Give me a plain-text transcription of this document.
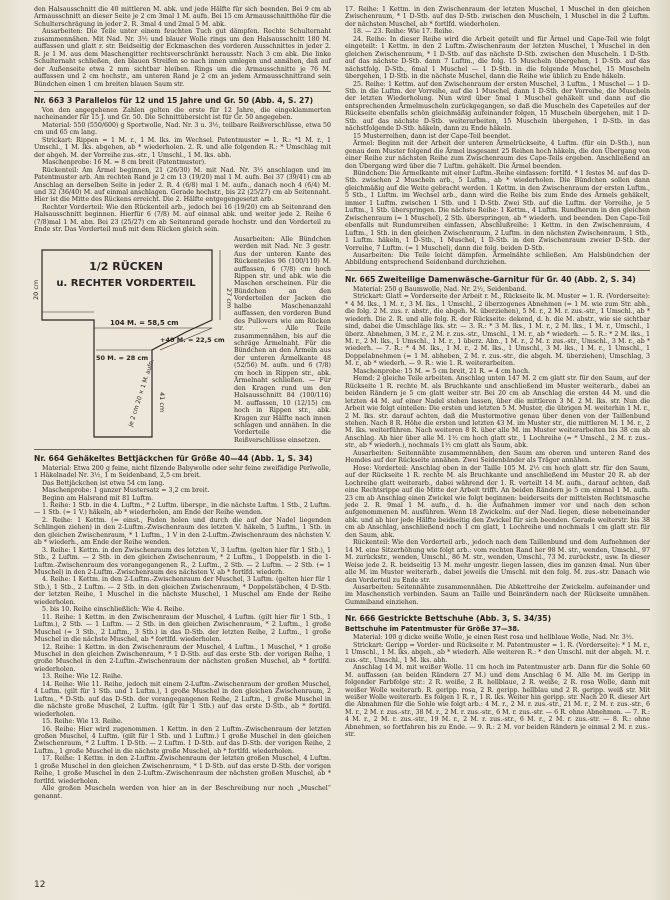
den Halsausschnitt die 40 mittleren M. abk. und jede Hälfte für sich beenden. Bei 9 cm ab Armausschnitt an dieser Seite je 2 cm 3mal 1 M. aufn. Bei 15 cm Armausschnitthöhe für die Schulterschrägung in jeder 2. R. 3mal 4 und 2mal 5 M. abk.

Ausarbeiten: Die Teile unter einem feuchten Tuch gut dämpfen. Rechte Schulternaht zusammennähen. Mit Nad. Nr. 3½ und blauer Wolle rings um den Halsausschnitt 180 M. auffassen und glatt r. str. Beidseitig der Eckmaschen des vorderen Ausschnittes in jeder 2. R. je 1 M. aus dem Maschengitter rechtsverschränkt herausstr. Nach 3 cm abk. Die linke Schulternaht schließen, den blauen Streifen so nach innen umlegen und annähen, daß auf der Außenseite etwa 2 mm sichtbar bleiben. Rings um die Armausschnitte je 76 M. auffassen und 2 cm hochstr., am unteren Rand je 2 cm an jedem Armausschnittrand sein Bündchen einen 1 cm breiten blauen Saum str.

Nr. 663 3 Parallelos für 12 und 15 Jahre und Gr. 50 (Abb. 4, S. 27)

Von den angegebenen Zahlen gelten die erste für 12 Jahre, die eingeklammerten nacheinander für 15 J. und Gr. 50. Die Schnittübersicht ist für Gr. 50 angegeben.

Material: 550 (550/600) g Sportwolle, Nad. Nr. 3 u. 3½, teilbare Reißverschlüsse, etwa 50 cm und 65 cm lang.

Strickart: Rippen = 1 M. r., 1 M. lks. im Wechsel. Patentmuster = 1. R.: *1 M. r., 1 Umschl., 1 M. lks. abgehen, ab * wiederholen. 2. R. und alle folgenden R.: * Umschlag mit der abgeh. M. der Vorreihe zus.-str., 1 Umschl., 1 M. lks. abh.

Maschenprobe: 16 M. = 8 cm breit (Patentmuster).

Rückenteil: Am Ärmel beginnen, 21 (26/30) M. mit Nad. Nr. 3½ anschlagen und im Patentmuster arb. Am rechten Rand je 2 cm 13 (19/20) mal 1 M. aufn. Bei 37 (39/41) cm ab Anschlag an derselben Seite in jeder 2. R. 4 (6/8) mal 1 M. aufn., danach noch 4 (6/4) M. und 32 (36/40) M. auf einmal anschlagen. Gerade hochstr., bis 22 (25/27) cm ab Seitennaht. Hier ist die Mitte des Rückens erreicht. Die 2. Hälfte entgegengesetzt arb.

Rechter Vorderteil: Wie den Rückenteil arb., jedoch bei 16 (19/20) cm ab Seitenrand den Halsausschnitt beginnen. Hierfür 6 (7/8) M. auf einmal abk. und weiter jede 2. Reihe 6 (7/8)mal 1 M. abn. Bei 23 (25/27) cm ab Seitenrand gerade hochstr. und den Vorderteil zu Ende str. Das Vorderteil muß mit dem Rücken gleich sein.

1/2 RÜCKEN
u. RECHTER VORDERTEIL
27 cm
20 cm
104 M. = 58,5 cm
50 M. = 28 cm
+40 M. = 22,5 cm
41 cm
je 2 cm 20 × 1 M. aufn.
Ausarbeiten: Alle Bündchen werden mit Nad. Nr. 3 gestr. Aus der unteren Kante des Rückenteiles 96 (100/110) M. auffassen, 6 (7/8) cm hoch Rippen str. und abk. wie die Maschen erscheinen. Für die Bündchen an den Vorderteilen der Jacken die halbe Maschenanzahl auffassen, den vorderen Bund des Pullovers wie am Rücken str. — Alle Teile zusammennähen, bis auf die schräge Ärmelnaht. Für die Bündchen an den Ärmeln aus der unteren Ärmelkante 48 (52/56) M. aufn. und 6 (7/8) cm hoch in Rippen str., abk. Ärmelnaht schließen. — Für den Kragen rund um den Halsausschnitt 84 (100/116) M. auffassen, 10 (12/15) cm hoch in Rippen str., abk. Kragen zur Hälfte nach innen schlagen und annähen. In die Vorderteile die Reißverschlüsse einsetzen.
Nr. 664 Gehäkeltes Bettjäckchen für Größe 40—44 (Abb. 1, S. 34)

Material: Etwa 200 g feine, nicht filzende Babywolle oder sehr feine zweifädige Perlwolle, 1 Häkelnadel Nr. 3½, 1 m Seidenband, 2,5 cm breit.

Das Bettjäckchen ist etwa 54 cm lang.

Maschenprobe: 1 ganzer Mustersatz = 3,2 cm breit.

Beginn am Halsrand mit 81 Luftm.

1. Reihe: 1 Stb. in die 4. Luftm., * 2 Luftm. überspr., in die nächste Luftm. 1 Stb., 2 Luftm. — 1 Stb. (= 1 V.) häkeln, ab * wiederholen, am Ende der Reihe wenden.

2. Reihe: 1 Kettm. (= einst., Faden holen und durch die auf der Nadel liegenden Schlingen ziehen) in den 2-Luftm.-Zwischenraum des letzten V. häkeln, 5 Luftm., 1 Stb. in den gleichen Zwischenraum, * 1 Luftm., 1 V in den 2-Luftm.-Zwischenraum des nächsten V. ab * wiederh., am Ende der Reihe wenden.

3. Reihe: 1 Kettm. in den Zwischenraum des letzten V., 3 Luftm. (gelten hier für 1 Stb.), 1 Stb., 2 Luftm. — 2 Stb. in den gleichen Zwischenraum, * 2 Luftm., 1 Doppelstb. in die 1-Luftm.-Zwischenraum des vorangegangenen R., 2 Luftm., 2 Stb. — 2 Luftm. — 2 Stb. (= 1 Muschel) in den 2-Luftm.-Zwischenraum des nächsten V. ab * fortlfd. wiederh.

4. Reihe: 1 Kettm. in den 2-Luftm.-Zwischenraum der Muschel, 3 Luftm. (gelten hier für 1 Stb.), 1 Stb., 2 Luftm. — 2 Stb. in den gleichen Zwischenraum, * Doppelstäbchen, 4 D-Stb. der letzten Reihe, 1 Muschel in die nächste Muschel, 1 Muschel am Ende der Reihe wiederholen.

5. bis 10. Reihe einschließlich: Wie 4. Reihe.

11. Reihe: 1 Kettm. in den Zwischenraum der Muschel, 4 Luftm. (gilt hier für 1 Stb., 1 Luftm.), 2 Stb. — 1 Luftm. — 2 Stb. in den gleichen Zwischenraum, * 2 Luftm., 1 große Muschel (= 3 Stb., 2 Luftm., 3 Stb.) in das D-Stb. der letzten Reihe, 2 Luftm., 1 große Muschel in die nächste Muschel, ab * fortlfd. wiederholen.

12. Reihe: 1 Kettm. in den Zwischenraum der Muschel, 4 Luftm., 1 Muschel, * 1 große Muschel in den gleichen Zwischenraum, * 1 D-Stb. auf das erste Stb. der vorigen Reihe, 1 große Muschel in den 2-Luftm.-Zwischenraum der nächsten großen Muschel, ab * fortlfd. wiederholen.

13. Reihe: Wie 12. Reihe.

14. Reihe: Wie 11. Reihe, jedoch mit einem 2-Luftm.-Zwischenraum der großen Muschel, 4 Luftm. (gilt für 1 Stb. und 1 Luftm.), 1 große Muschel in den gleichen Zwischenraum, 2 Luftm., * D-Stb. auf das D-Stb. der vorangegangenen Reihe, 2 Luftm., 1 große Muschel in die nächste große Muschel, 2 Luftm. (gilt für 1 Stb.) auf das erste D-Stb., ab * fortlfd. wiederholen.

15. Reihe: Wie 13. Reihe.

16. Reihe: Hier wird zugenommen. 1 Kettm. in den 2 Luftm.-Zwischenraum der letzten großen Muschel, 4 Luftm. (gilt für 1 Stb. und 1 Luftm.) 1 große Muschel in den gleichen Zwischenraum, * 2 Luftm. 1 D-Stb. — 2 Luftm. 1 D-Stb. auf das D-Stb. der vorigen Reihe, 2 Luftm., 1 große Muschel in die nächste große Muschel, ab * fortlfd. wiederholen.

17. Reihe: 1 Kettm. in den 2-Luftm.-Zwischenraum der letzten großen Muschel, 4 Luftm. 1 große Muschel in den gleichen Zwischenraum, * 1 D-Stb. auf das erste D-Stb. der vorigen Reihe, 1 große Muschel in den 2-Luftm.-Zwischenraum der nächsten großen Muschel, ab * fortlfd. wiederholen.

Alle großen Muscheln werden von hier an in der Beschreibung nur noch „Muschel“ genannt.

17. Reihe: 1 Kettm. in den Zwischenraum der letzten Muschel, 1 Muschel in den gleichen Zwischenraum, * 1 D-Stb. auf das D-Stb. zwischen den Muscheln, 1 Muschel in die 2 Luftm. der nächsten Muschel, ab * fortlfd. wiederholen.

18. — 23. Reihe: Wie 17. Reihe.

24. Reihe: In dieser Reihe wird die Arbeit geteilt und für Ärmel und Cape-Teil wie folgt eingeteilt: 1 Kettm. in den 2 Luftm.-Zwischenraum der letzten Muschel, 1 Muschel in den gleichen Zwischenraum, * 1 D-Stb. auf das nächste D-Stb. zwischen den Muscheln. 1 D-Stb. auf das nächste D-Stb. dann 7 Luftm., die folg. 15 Muscheln übergehen, 1 D-Stb. auf das nächstfolg. D-Stb., 6mal 1 Muschel — 1 D-Stb. in die folgende Muschel, 15 Muscheln übergehen, 1 D-Stb. in die nächste Muschel, dann die Reihe wie üblich zu Ende häkeln.

25. Reihe: 1 Kettm. auf den Zwischenraum der ersten Muschel, 3 Luftm., 1 Muschel — 1 D-Stb. in die Luftm. der Vorreihe, auf die 1 Muschel, dann 1 D-Stb. der Vorreihe, die Muscheln der letzten Wiederholung. Nun wird über 5mal 1 Muschel gehäkelt und dann auf die entsprechenden Ärmelmuscheln zurückgegangen, so daß die Muscheln des Capeteiles auf der Rückseite ebenfalls schön gleichmäßig aufeinander folgen, 15 Muscheln übergehen, mit 1 D-Stb. auf das nächste D-Stb. weiterarbeiten, 15 Muscheln übergehen, 1 D-Stb. in das nächstfolgende D-Stb. häkeln, dann zu Ende häkeln.

15 Musterreihen, dann ist der Cape-Teil beendet.

Ärmel: Beginn mit der Arbeit der unteren Ärmelrückseite, 4 Luftm. (für ein D-Stb.), nun genau dem Muster folgend die Ärmel insgesamt 25 Reihen hoch häkeln, die den Übergang von einer Reihe zur nächsten Reihe zum Zwischenraum des Cape-Teils ergeben. Anschließend an den Übergang wird über die 7 Luftm. gehäkelt. Die Ärmel beenden.

Bündchen: Die Ärmelkante mit einer Luftm.-Reihe einfassen: fortlfd. * 1 festes M. auf das D-Stb. zwischen 2 Muscheln arb., 5 Luftm., ab * wiederholen. Die Bündchen sollen dann gleichmäßig auf die Weite gebracht werden. 1 Kettm. in den Zwischenraum der ersten Luftm., 5 Stb., 1 Luftm. im Wechsel arb., dann wird die Reihe bis zum Ende des Ärmels gehäkelt, immer 1 Luftm. zwischen 1 Stb. und 1 D-Stb. Zwei Stb. auf die Luftm. der Vorreihe, je 5 Luftm., 1 Stb. überspringen. Die nächste Reihe: 1 Kettm., 4 Luftm. Rundherum in den gleichen Zwischenraum (= 1 Muschel), 2 Stb. überspringen, ab * wiederh. und beenden. Den Cape-Teil ebenfalls mit Rundumreihen einfassen, Abschlußreihe: 1 Kettm. in den Zwischenraum, 4 Luftm., 1 Stb. in den gleichen Zwischenraum, 2 Luftm. in den nächsten Zwischenraum, 1 Stb., 1 Luftm. häkeln, 1 D-Stb., 1 Muschel, 1 D-Stb. in den Zwischenraum zweier D-Stb. der Vorreihe, 7 Luftm. (= 1 Muschel), dann die folg. beiden D-Stb.

Ausarbeiten: Die Teile leicht dämpfen. Ärmelnähte schließen. Am Halsbündchen der Abbildung entsprechend Seidenband durchziehen.

Nr. 665 Zweiteilige Damenwäsche-Garnitur für Gr. 40 (Abb. 2, S. 34)

Material: 250 g Baumwolle, Nad. Nr. 2½, Seidenband.

Strickart: Glatt = Vorderseite der Arbeit r. M., Rückseite lk. M. Muster = 1. R. (Vorderseite): * 4 M. lks., 1 M. r., 3 M. lks., 1 Umschl., 2 überzogenes Abnehmen (= 1 M. wie zum Str. abh., die folg. 2 M. zus. r. abstr., die abgeh. M. überziehen), 5 M. r., 2 M. r. zus.-str., 1 Umschl., ab * wiederh. Die 2. R. und alle folg. R. der Rückseite: dekend, d. h. die M. abstr., wie sie sichtbar sind, dabei die Umschläge lks. str. — 3. R.: * 3 M. lks., 1 M. r., 2 M. lks., 1 M. r., Umschl., 1 überz. Abnehmen, 3 M. r., 2 M. r. zus.-str., Umschl., 1 M. r., ab * wiederh. — 5. R.: * 2 M. lks., 1 M. r., 2 M. lks., 1 Umschl., 1 M. r., 1 überz. Abn., 1 M. r., 2 M. r. zus.-str., Umschl., 3 M. r., ab * wiederh. — 7. R.: * 4 M. lks., 1 M. r., 2 M. lks., 1 Umschl., 3 M. lks., 1 M. r., 1 Umschl., 1 Doppelabnehmen (= 1 M. abheben, 2 M. r. zus.-str., die abgeh. M. überziehen), Umschlag, 3 M. r., ab * wiederh. — 9. R.: wie 1. R. weiterarbeiten.

Maschenprobe: 15 M. = 5 cm breit, 21 R. = 4 cm hoch.

Hemd: 2 gleiche Teile arbeiten. Anschlag unten 147 M. 2 cm glatt str. für den Saum, auf der Rückseite 1 R. rechte M. als Bruchkante und anschließend im Muster weiterarb., dabei an beiden Rändern je 5 cm glatt weiter str. Bei 20 cm ab Anschlag die ersten 44 M. und die letzten 44 M. auf einer Nadel stehen lassen, über die mittleren 3 M. 2 M. lks. str. Nun die Arbeit wie folgt einteilen: Die ersten und letzten 5 M. Muster, die übrigen M. weiterhin 1 M. r., 2 M. lks. str. darauf achten, daß die Mustermotive genau über denen von der Taillenbund stehen. Nach 8 R. Höhe die ersten und letzten 43 M. im Muster str., die mittleren M. 1 M. r., 2 M. lks. weiterführen. Nach weiteren 8 R. über alle M. im Muster weiterarbeiten bis 38 cm ab Anschlag. Ab hier über alle M. 1½ cm hoch glatt str., 1 Lochreihe (= * Umschl., 2 M. r. zus.-str., ab * wiederh.), nochmals 1½ cm glatt als Saum, abk.

Ausarbeiten: Seitennähte zusammennähen, den Saum am oberen und unteren Rand des Hemdes auf der Rückseite annähen. Zwei Seidenbänder als Träger annähen.

Hose: Vorderteil: Anschlag oben in der Taille 105 M. 2½ cm hoch glatt str. für den Saum, auf der Rückseite 1 R. rechte M. als Bruchkante und anschließend im Muster 20 R. ab der Lochreihe glatt weiterarb., dabei während der 1. R. verteilt 14 M. aufn., darauf achten, daß eine Rechtsrippe auf die Mitte der Arbeit trifft. An beiden Rändern je 5 cm einmal 1 M. aufn. 23 cm ab Anschlag einen Zwickel wie folgt beginnen: beiderseits der mittelsten Rechtsmasche jede 2. R. 9mal 1 M. aufn., d. h. die Aufnahmen immer vor und nach den schon aufgenommenen M. ausführen. Wenn 18 Zwickelm. auf der Nad. liegen, diese nebeneinander abk. und ab hier jede Hälfte beidseitig den Zwickel für sich beenden. Gerade weiterstr. bis 38 cm ab Anschlag, anschließend noch 1 cm glatt, 1 Lochreihe und nochmals 1 cm glatt str. für den Saum, abk.

Rückenteil: Wie den Vorderteil arb., jedoch nach dem Taillenbund und dem Aufnehmen der 14 M. eine Sitzerhöhung wie folgt arb.: vom rechten Rand her 98 M. str., wenden, Umschl., 97 M. zurückstr., wenden, Umschl., 86 M. str., wenden, Umschl., 73 M. zurückstr., usw. In dieser Weise jede 2. R. beidseitig 13 M. mehr ungestr. liegen lassen, dies im ganzen 4mal. Nun über alle M. im Muster weiterarb., dabei jeweils die Umschl. mit den folg. M. zus.-str. Danach wie den Vorderteil zu Ende str.

Ausarbeiten: Seitennähte zusammennähen. Die Abkettreihe der Zwickelm. aufeinander und im Maschenstich verbinden. Saum an Taille und Beinrändern nach der Rückseite umnähen. Gummiband einziehen.

Nr. 666 Gestrickte Bettschuhe (Abb. 3, S. 34/35)
Bettschuhe im Patentmuster für Größe 37—38.

Material: 100 g dicke weiße Wolle, je einen Rest rosa und hellblaue Wolle, Nad. Nr. 3½.

Strickart: Geripp = Vorder- und Rückseite r. M. Patentmuster = 1. R. (Vorderseite): * 1 M. r., 1 Umschl., 1 M. lks. abgeh., ab * wiederh. Alle weiteren R.: * den Umschl. mit der abgeh. M. r. zus.-str., Umschl., 1 M. lks. abh.

Anschlag 14 M. mit weißer Wolle. 11 cm hoch im Patentmuster arb. Dann für die Sohle 60 M. auffassen (an beiden Rändern 27 M.) und dem Anschlag 6 M. Alle M. im Geripp in folgender Farbfolge str.: 2 R. weiße, 2 R. hellblaue, 2 R. weiße, 2 R. rosa Wolle, dann mit weißer Wolle weiterarb. R. geripp. rosa, 2 R. geripp. hellblau und 2 R. geripp. weiß str. Mit weißer Wolle weiterarb. Es folgen 1 R. r., 1 R. lks. Weiter hin geripp. str. Nach 20 R. dieser Art die Abnahmen für die Sohle wie folgt arb.: 4 M. r., 2 M. r. zus.-str., 21 M. r., 2 M. r. zus.-str., 6 M. r., 2 M. r. zus.-str., 38 M. r., 2 M. r. zus.-str., 6 M. r. zus.-str. — 6 R. ohne Abnehmen. — 7. R.: 4 M. r., 2 M. r. zus.-str., 19 M. r., 2 M. r. zus.-str., 6 M. r., 2 M. r. zus.-str. — 8. R.: ohne Abnehmen, so fortfahren bis zu Ende. — 9. R.: 2 M. vor beiden Rändern je einmal 2 M. r. zus.-str.

12
